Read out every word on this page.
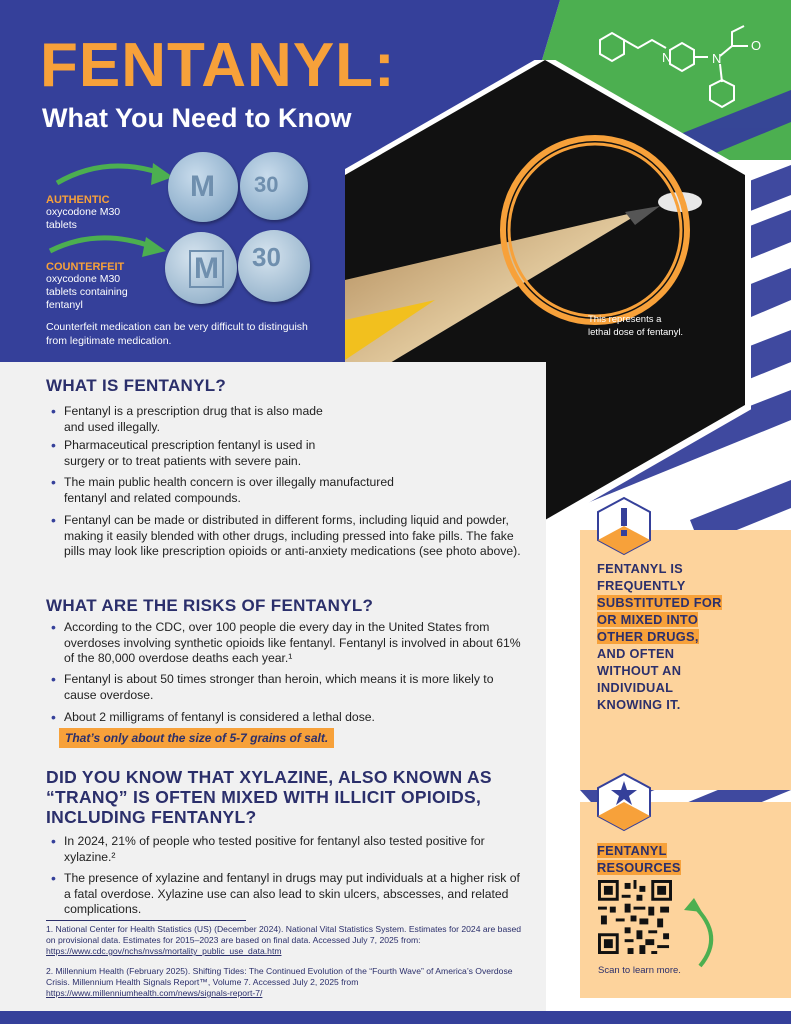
FENTANYL:
What You Need to Know
N	N
O
AUTHENTIC
oxycodone M30
tablets
COUNTERFEIT
oxycodone M30
tablets containing
fentanyl
M 30
M 30
Counterfeit medication can be very difficult to distinguish from legitimate medication.
This represents a
lethal dose of fentanyl.
WHAT IS FENTANYL?
• Fentanyl is a prescription drug that is also made and used illegally.
• Pharmaceutical prescription fentanyl is used in surgery or to treat patients with severe pain.
• The main public health concern is over illegally manufactured fentanyl and related compounds.
• Fentanyl can be made or distributed in different forms, including liquid and powder, making it easily blended with other drugs, including pressed into fake pills. The fake pills may look like prescription opioids or anti-anxiety medications (see photo above).
WHAT ARE THE RISKS OF FENTANYL?
• According to the CDC, over 100 people die every day in the United States from overdoses involving synthetic opioids like fentanyl. Fentanyl is involved in about 61% of the 80,000 overdose deaths each year.¹
• Fentanyl is about 50 times stronger than heroin, which means it is more likely to cause overdose.
• About 2 milligrams of fentanyl is considered a lethal dose.
That’s only about the size of 5-7 grains of salt.
DID YOU KNOW THAT XYLAZINE, ALSO KNOWN AS
“TRANQ” IS OFTEN MIXED WITH ILLICIT OPIOIDS,
INCLUDING FENTANYL?
• In 2024, 21% of people who tested positive for fentanyl also tested positive for xylazine.²
• The presence of xylazine and fentanyl in drugs may put individuals at a higher risk of a fatal overdose. Xylazine use can also lead to skin ulcers, abscesses, and related complications.
1. National Center for Health Statistics (US) (December 2024). National Vital Statistics System. Estimates for 2024 are based on provisional data. Estimates for 2015–2023 are based on final data. Accessed July 7, 2025 from: https://www.cdc.gov/nchs/nvss/mortality_public_use_data.htm
2. Millennium Health (February 2025). Shifting Tides: The Continued Evolution of the “Fourth Wave” of America’s Overdose Crisis. Millennium Health Signals Report™, Volume 7. Accessed July 2, 2025 from https://www.millenniumhealth.com/news/signals-report-7/
FENTANYL IS
FREQUENTLY
SUBSTITUTED FOR
OR MIXED INTO
OTHER DRUGS,
AND OFTEN
WITHOUT AN
INDIVIDUAL
KNOWING IT.
FENTANYL
RESOURCES
Scan to learn more.
